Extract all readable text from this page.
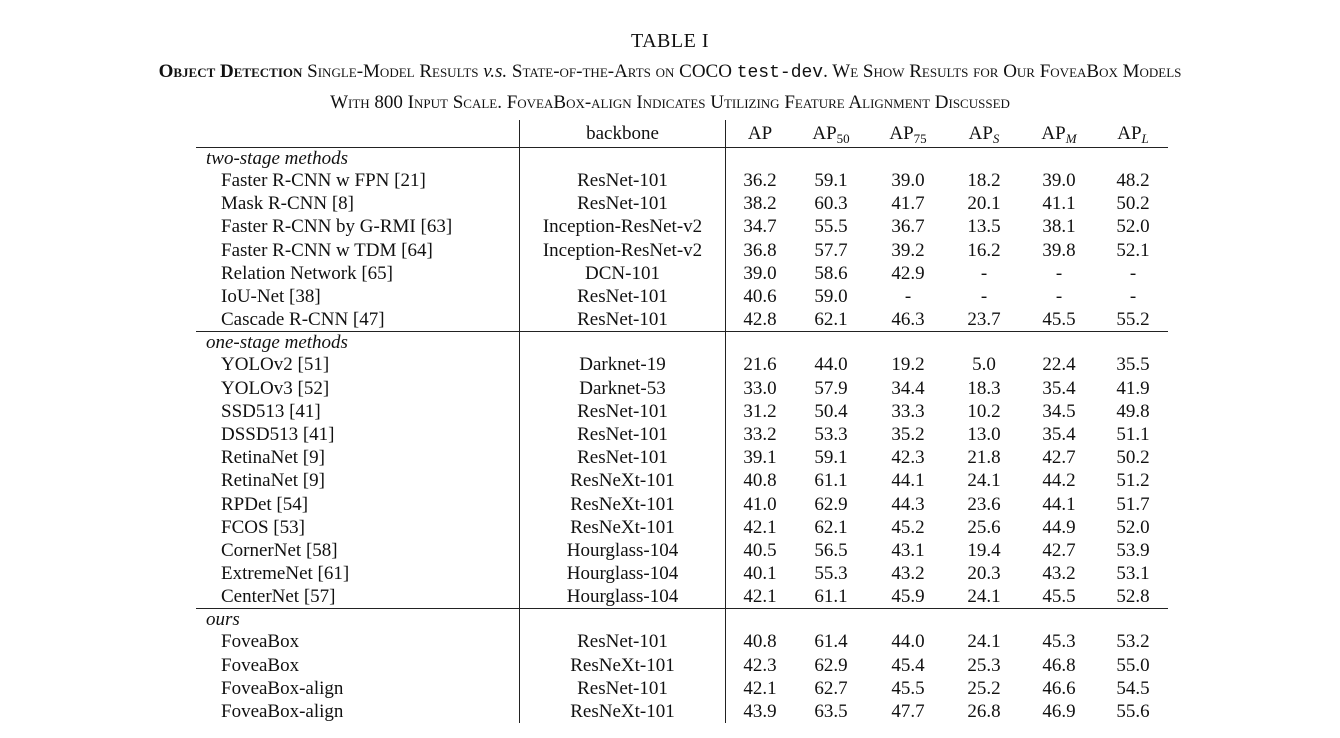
TABLE I
Object Detection Single-Model Results v.s. State-of-the-Arts on COCO test-dev. We Show Results for Our FoveaBox Models
With 800 Input Scale. FoveaBox-align Indicates Utilizing Feature Alignment Discussed
	backbone	AP	$AP_{50}$	$AP_{75}$	$AP_S$	$AP_M$	$AP_L$
two-stage methods							
Faster R-CNN w FPN [21]	ResNet-101	36.2	59.1	39.0	18.2	39.0	48.2
Mask R-CNN [8]	ResNet-101	38.2	60.3	41.7	20.1	41.1	50.2
Faster R-CNN by G-RMI [63]	Inception-ResNet-v2	34.7	55.5	36.7	13.5	38.1	52.0
Faster R-CNN w TDM [64]	Inception-ResNet-v2	36.8	57.7	39.2	16.2	39.8	52.1
Relation Network [65]	DCN-101	39.0	58.6	42.9	-	-	-
IoU-Net [38]	ResNet-101	40.6	59.0	-	-	-	-
Cascade R-CNN [47]	ResNet-101	42.8	62.1	46.3	23.7	45.5	55.2
one-stage methods							
YOLOv2 [51]	Darknet-19	21.6	44.0	19.2	5.0	22.4	35.5
YOLOv3 [52]	Darknet-53	33.0	57.9	34.4	18.3	35.4	41.9
SSD513 [41]	ResNet-101	31.2	50.4	33.3	10.2	34.5	49.8
DSSD513 [41]	ResNet-101	33.2	53.3	35.2	13.0	35.4	51.1
RetinaNet [9]	ResNet-101	39.1	59.1	42.3	21.8	42.7	50.2
RetinaNet [9]	ResNeXt-101	40.8	61.1	44.1	24.1	44.2	51.2
RPDet [54]	ResNeXt-101	41.0	62.9	44.3	23.6	44.1	51.7
FCOS [53]	ResNeXt-101	42.1	62.1	45.2	25.6	44.9	52.0
CornerNet [58]	Hourglass-104	40.5	56.5	43.1	19.4	42.7	53.9
ExtremeNet [61]	Hourglass-104	40.1	55.3	43.2	20.3	43.2	53.1
CenterNet [57]	Hourglass-104	42.1	61.1	45.9	24.1	45.5	52.8
ours							
FoveaBox	ResNet-101	40.8	61.4	44.0	24.1	45.3	53.2
FoveaBox	ResNeXt-101	42.3	62.9	45.4	25.3	46.8	55.0
FoveaBox-align	ResNet-101	42.1	62.7	45.5	25.2	46.6	54.5
FoveaBox-align	ResNeXt-101	43.9	63.5	47.7	26.8	46.9	55.6
